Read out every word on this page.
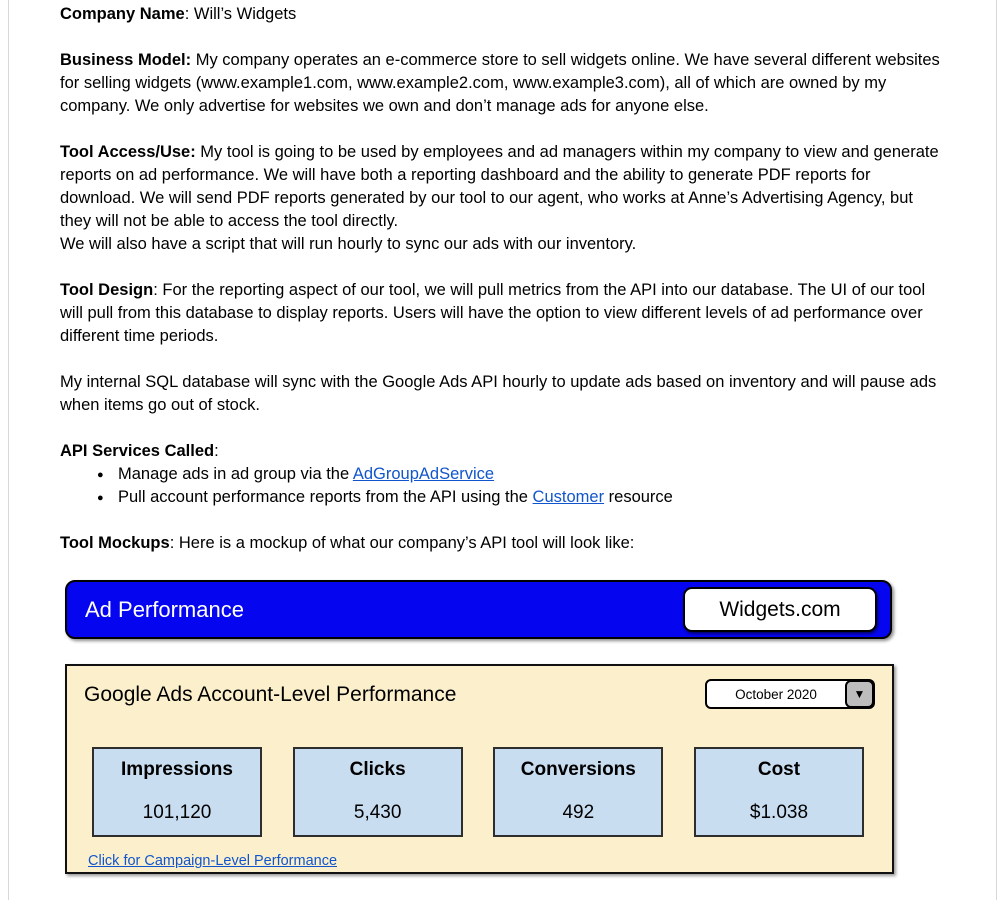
Company Name: Will’s Widgets

Business Model: My company operates an e-commerce store to sell widgets online. We have several different websites for selling widgets (www.example1.com, www.example2.com, www.example3.com), all of which are owned by my company. We only advertise for websites we own and don’t manage ads for anyone else.

Tool Access/Use: My tool is going to be used by employees and ad managers within my company to view and generate reports on ad performance. We will have both a reporting dashboard and the ability to generate PDF reports for download. We will send PDF reports generated by our tool to our agent, who works at Anne’s Advertising Agency, but they will not be able to access the tool directly.
We will also have a script that will run hourly to sync our ads with our inventory.

Tool Design: For the reporting aspect of our tool, we will pull metrics from the API into our database. The UI of our tool will pull from this database to display reports. Users will have the option to view different levels of ad performance over different time periods.

My internal SQL database will sync with the Google Ads API hourly to update ads based on inventory and will pause ads when items go out of stock.

API Services Called:

● Manage ads in ad group via the AdGroupAdService
● Pull account performance reports from the API using the Customer resource

Tool Mockups: Here is a mockup of what our company’s API tool will look like:

Ad Performance	Widgets.com
Google Ads Account-Level Performance	October 2020	▼
Impressions
101,120
Clicks
5,430
Conversions
492
Cost
$1.038
Click for Campaign-Level Performance
